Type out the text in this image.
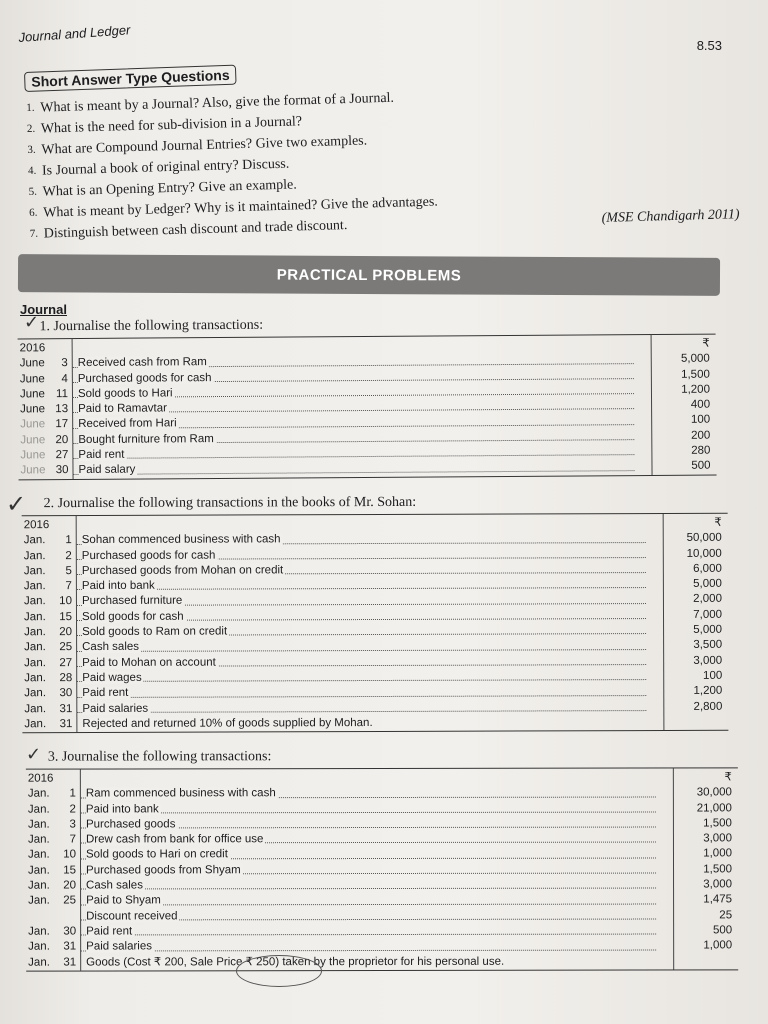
Journal and Ledger
8.53
Short Answer Type Questions
1. What is meant by a Journal? Also, give the format of a Journal.
2. What is the need for sub-division in a Journal?
3. What are Compound Journal Entries? Give two examples.
4. Is Journal a book of original entry? Discuss.
5. What is an Opening Entry? Give an example.
6. What is meant by Ledger? Why is it maintained? Give the advantages.
7. Distinguish between cash discount and trade discount.
(MSE Chandigarh 2011)
PRACTICAL PROBLEMS
Journal
1. Journalise the following transactions:
2016	₹
June 3 Received cash from Ram	5,000
June 4 Purchased goods for cash	1,500
June 11 Sold goods to Hari	1,200
June 13 Paid to Ramavtar	400
June 17 Received from Hari	100
June 20 Bought furniture from Ram	200
June 27 Paid rent	280
June 30 Paid salary	500
2. Journalise the following transactions in the books of Mr. Sohan:
2016	₹
Jan. 1 Sohan commenced business with cash	50,000
Jan. 2 Purchased goods for cash	10,000
Jan. 5 Purchased goods from Mohan on credit	6,000
Jan. 7 Paid into bank	5,000
Jan. 10 Purchased furniture	2,000
Jan. 15 Sold goods for cash	7,000
Jan. 20 Sold goods to Ram on credit	5,000
Jan. 25 Cash sales	3,500
Jan. 27 Paid to Mohan on account	3,000
Jan. 28 Paid wages	100
Jan. 30 Paid rent	1,200
Jan. 31 Paid salaries	2,800
Jan. 31 Rejected and returned 10% of goods supplied by Mohan.
3. Journalise the following transactions:
2016	₹
Jan. 1 Ram commenced business with cash	30,000
Jan. 2 Paid into bank	21,000
Jan. 3 Purchased goods	1,500
Jan. 7 Drew cash from bank for office use	3,000
Jan. 10 Sold goods to Hari on credit	1,000
Jan. 15 Purchased goods from Shyam	1,500
Jan. 20 Cash sales	3,000
Jan. 25 Paid to Shyam	1,475
Discount received	25
Jan. 30 Paid rent	500
Jan. 31 Paid salaries	1,000
Jan. 31 Goods (Cost ₹ 200, Sale Price ₹ 250) taken by the proprietor for his personal use.
✓
✓
✓
